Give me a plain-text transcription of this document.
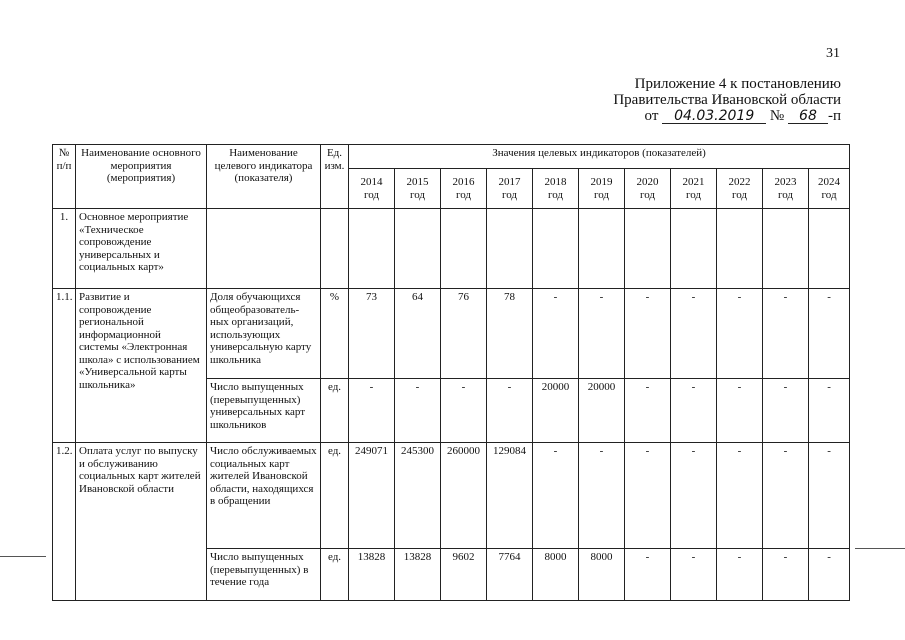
31
Приложение 4 к постановлению
Правительства Ивановской области
от 04.03.2019 № 68 -п
№ п/п	Наименование основного мероприятия (мероприятия)	Наименование целевого индикатора (показателя)	Ед. изм.	Значения целевых индикаторов (показателей)										
				2014 год	2015 год	2016 год	2017 год	2018 год	2019 год	2020 год	2021 год	2022 год	2023 год	2024 год
1.	Основное мероприятие «Техническое сопровождение универсальных и социальных карт»													
1.1.	Развитие и сопровождение региональной информационной системы «Электронная школа» с использованием «Универсальной карты школьника»	Доля обучающихся общеобразователь-ных организаций, использующих универсальную карту школьника	%	73	64	76	78	-	-	-	-	-	-	-
		Число выпущенных (перевыпущенных) универсальных карт школьников	ед.	-	-	-	-	20000	20000	-	-	-	-	-
1.2.	Оплата услуг по выпуску и обслуживанию социальных карт жителей Ивановской области	Число обслуживаемых социальных карт жителей Ивановской области, находящихся в обращении	ед.	249071	245300	260000	129084	-	-	-	-	-	-	-
		Число выпущенных (перевыпущенных) в течение года	ед.	13828	13828	9602	7764	8000	8000	-	-	-	-	-
